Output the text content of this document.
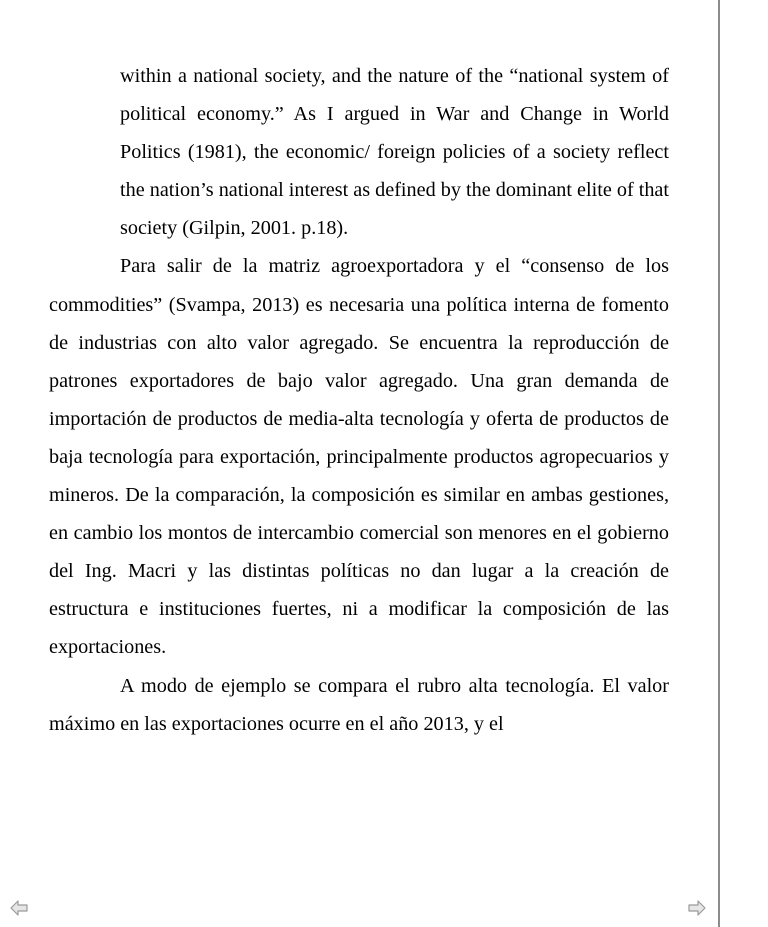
within a national society, and the nature of the “national system of political economy.” As I argued in War and Change in World Politics (1981), the economic/ foreign policies of a society reflect the nation’s national interest as defined by the dominant elite of that society (Gilpin, 2001. p.18).

Para salir de la matriz agroexportadora y el “consenso de los commodities” (Svampa, 2013) es necesaria una política interna de fomento de industrias con alto valor agregado. Se encuentra la reproducción de patrones exportadores de bajo valor agregado. Una gran demanda de importación de productos de media-alta tecnología y oferta de productos de baja tecnología para exportación, principalmente productos agropecuarios y mineros. De la comparación, la composición es similar en ambas gestiones, en cambio los montos de intercambio comercial son menores en el gobierno del Ing. Macri y las distintas políticas no dan lugar a la creación de estructura e instituciones fuertes, ni a modificar la composición de las exportaciones.

A modo de ejemplo se compara el rubro alta tecnología. El valor máximo en las exportaciones ocurre en el año 2013, y el
